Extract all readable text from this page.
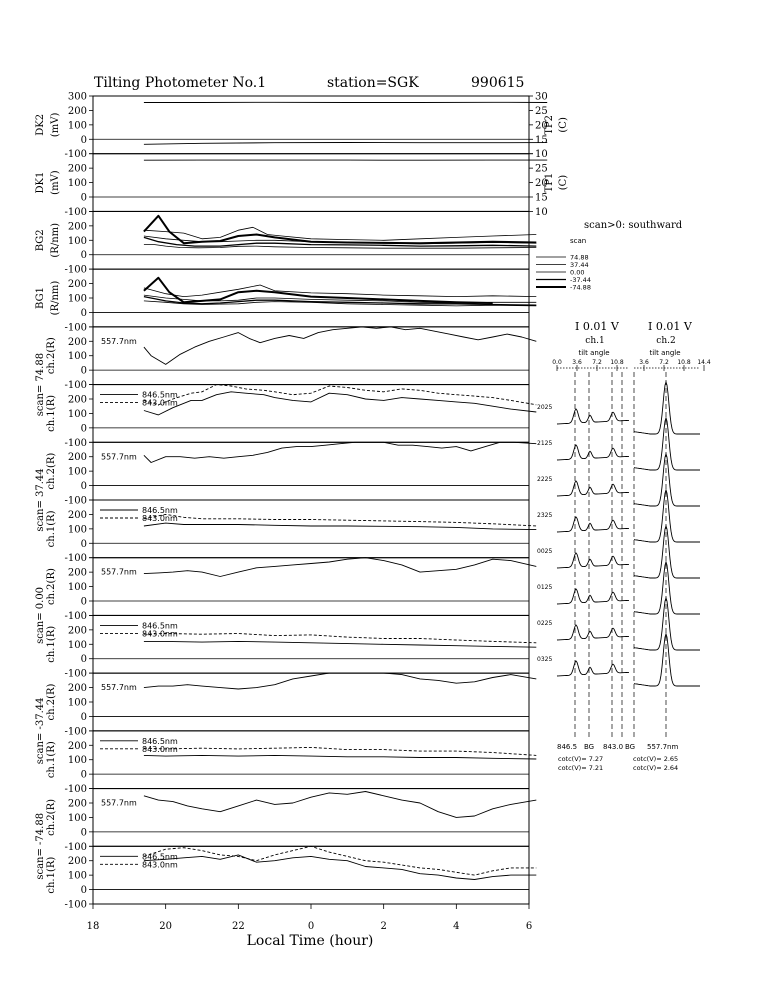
Tilting Photometer No.1	station=SGK	990615
300
200
100
0
-100
DK2 (mV)
30
25
20
15
10
TP2 (C)
200
100
0
-100
DK1 (mV)
25
20
15
10
TP1 (C)
200
100
0
-100
BG2 (R/nm)
200
100
0
-100
BG1 (R/nm)
200
100
0
-100
ch.2(R)	557.7nm
200
100
0
-100
ch.1(R)	846.5nm
843.0nm
200
100
0
-100
ch.2(R)	557.7nm
200
100
0
-100
ch.1(R)	846.5nm
843.0nm
200
100
0
-100
ch.2(R)	557.7nm
200
100
0
-100
ch.1(R)	846.5nm
843.0nm
200
100
0
-100
ch.2(R)	557.7nm
200
100
0
-100
ch.1(R)	846.5nm
843.0nm
200
100
0
-100
ch.2(R)	557.7nm
200
100
0
-100
ch.1(R)	846.5nm
843.0nm
scan= 74.88
scan= 37.44
scan= 0.00
scan= -37.44
scan= -74.88
18	20	22	0	2	4	6
Local Time (hour)
scan>0: southward
scan
74.88
37.44
0.00
-37.44
-74.88
I 0.01 V	I 0.01 V
ch.1	ch.2
tilt angle	tilt angle
0.0 3.6 7.2 10.8	3.6 7.2 10.8 14.4
2025
2125
2225
2325
0025
0125
0225
0325
846.5 BG 843.0 BG 557.7nm
cotc(V)= 7.27
cotc(V)= 7.21
cotc(V)= 2.65
cotc(V)= 2.64
